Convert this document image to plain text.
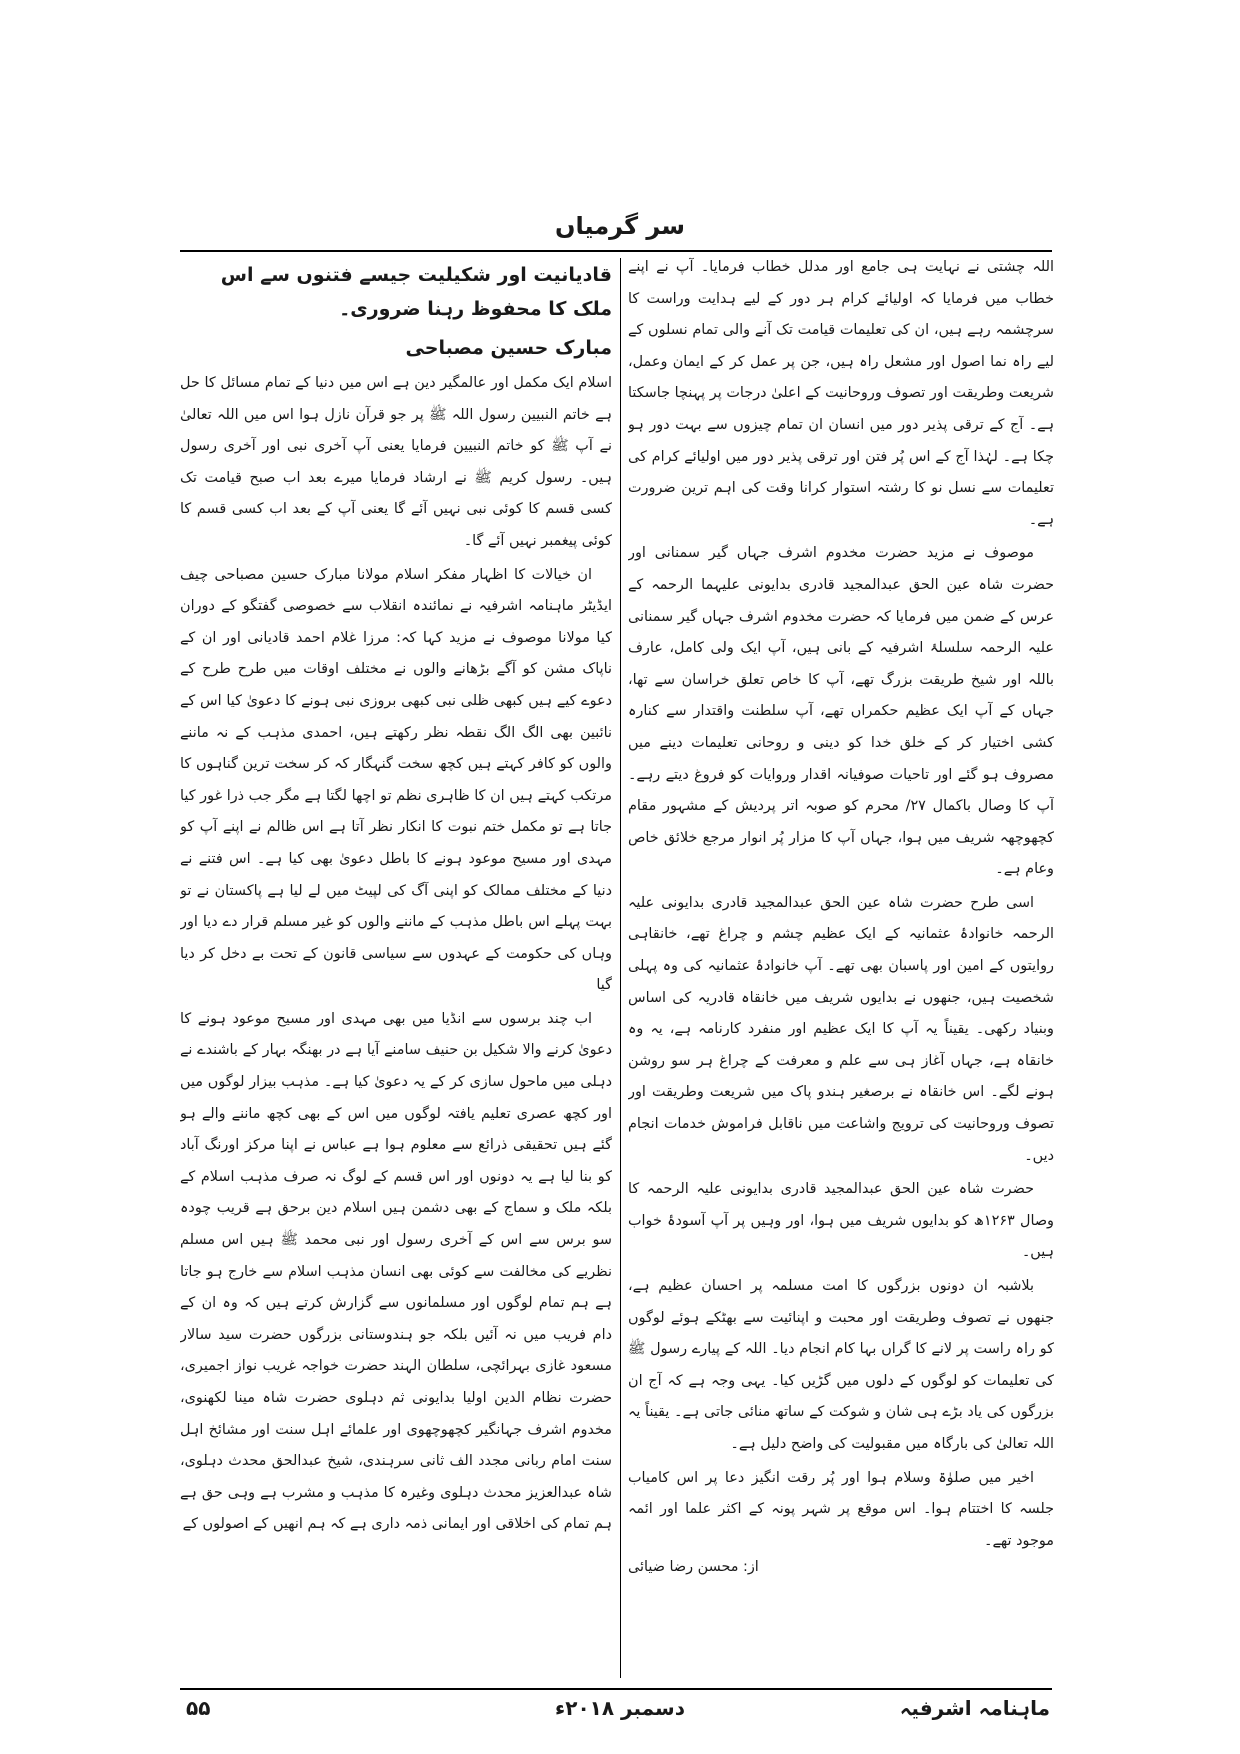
سر گرمیاں

اللہ چشتی نے نہایت ہی جامع اور مدلل خطاب فرمایا۔ آپ نے اپنے خطاب میں فرمایا کہ اولیائے کرام ہر دور کے لیے ہدایت وراست کا سرچشمہ رہے ہیں، ان کی تعلیمات قیامت تک آنے والی تمام نسلوں کے لیے راہ نما اصول اور مشعل راہ ہیں، جن پر عمل کر کے ایمان وعمل، شریعت وطریقت اور تصوف وروحانیت کے اعلیٰ درجات پر پہنچا جاسکتا ہے۔ آج کے ترقی پذیر دور میں انسان ان تمام چیزوں سے بہت دور ہو چکا ہے۔ لہٰذا آج کے اس پُر فتن اور ترقی پذیر دور میں اولیائے کرام کی تعلیمات سے نسل نو کا رشتہ استوار کرانا وقت کی اہم ترین ضرورت ہے۔

موصوف نے مزید حضرت مخدوم اشرف جہاں گیر سمنانی اور حضرت شاہ عین الحق عبدالمجید قادری بدایونی علیہما الرحمہ کے عرس کے ضمن میں فرمایا کہ حضرت مخدوم اشرف جہاں گیر سمنانی علیہ الرحمہ سلسلۂ اشرفیہ کے بانی ہیں، آپ ایک ولی کامل، عارف باللہ اور شیخ طریقت بزرگ تھے، آپ کا خاص تعلق خراسان سے تھا، جہاں کے آپ ایک عظیم حکمراں تھے، آپ سلطنت واقتدار سے کنارہ کشی اختیار کر کے خلق خدا کو دینی و روحانی تعلیمات دینے میں مصروف ہو گئے اور تاحیات صوفیانہ اقدار وروایات کو فروغ دیتے رہے۔ آپ کا وصال باکمال ۲۷/ محرم کو صوبہ اتر پردیش کے مشہور مقام کچھوچھہ شریف میں ہوا، جہاں آپ کا مزار پُر انوار مرجع خلائق خاص وعام ہے۔

اسی طرح حضرت شاہ عین الحق عبدالمجید قادری بدایونی علیہ الرحمہ خانوادۂ عثمانیہ کے ایک عظیم چشم و چراغ تھے، خانقاہی روایتوں کے امین اور پاسبان بھی تھے۔ آپ خانوادۂ عثمانیہ کی وہ پہلی شخصیت ہیں، جنھوں نے بدایوں شریف میں خانقاہ قادریہ کی اساس وبنیاد رکھی۔ یقیناً یہ آپ کا ایک عظیم اور منفرد کارنامہ ہے، یہ وہ خانقاہ ہے، جہاں آغاز ہی سے علم و معرفت کے چراغ ہر سو روشن ہونے لگے۔ اس خانقاہ نے برصغیر ہندو پاک میں شریعت وطریقت اور تصوف وروحانیت کی ترویج واشاعت میں ناقابل فراموش خدمات انجام دیں۔

حضرت شاہ عین الحق عبدالمجید قادری بدایونی علیہ الرحمہ کا وصال ۱۲۶۳ھ کو بدایوں شریف میں ہوا، اور وہیں پر آپ آسودۂ خواب ہیں۔

بلاشبہ ان دونوں بزرگوں کا امت مسلمہ پر احسان عظیم ہے، جنھوں نے تصوف وطریقت اور محبت و اپنائیت سے بھٹکے ہوئے لوگوں کو راہ راست پر لانے کا گراں بہا کام انجام دیا۔ اللہ کے پیارے رسول ﷺ کی تعلیمات کو لوگوں کے دلوں میں گڑیں کیا۔ یہی وجہ ہے کہ آج ان بزرگوں کی یاد بڑے ہی شان و شوکت کے ساتھ منائی جاتی ہے۔ یقیناً یہ اللہ تعالیٰ کی بارگاہ میں مقبولیت کی واضح دلیل ہے۔

اخیر میں صلوٰۃ وسلام ہوا اور پُر رقت انگیز دعا پر اس کامیاب جلسہ کا اختتام ہوا۔ اس موقع پر شہر پونہ کے اکثر علما اور ائمہ موجود تھے۔

از: محسن رضا ضیائی
قادیانیت اور شکیلیت جیسے فتنوں سے اس ملک کا محفوظ رہنا ضروری۔
مبارک حسین مصباحی

اسلام ایک مکمل اور عالمگیر دین ہے اس میں دنیا کے تمام مسائل کا حل ہے خاتم النبیین رسول اللہ ﷺ پر جو قرآن نازل ہوا اس میں اللہ تعالیٰ نے آپ ﷺ کو خاتم النبیین فرمایا یعنی آپ آخری نبی اور آخری رسول ہیں۔ رسول کریم ﷺ نے ارشاد فرمایا میرے بعد اب صبح قیامت تک کسی قسم کا کوئی نبی نہیں آئے گا یعنی آپ کے بعد اب کسی قسم کا کوئی پیغمبر نہیں آئے گا۔

ان خیالات کا اظہار مفکر اسلام مولانا مبارک حسین مصباحی چیف ایڈیٹر ماہنامہ اشرفیہ نے نمائندہ انقلاب سے خصوصی گفتگو کے دوران کیا مولانا موصوف نے مزید کہا کہ: مرزا غلام احمد قادیانی اور ان کے ناپاک مشن کو آگے بڑھانے والوں نے مختلف اوقات میں طرح طرح کے دعوے کیے ہیں کبھی ظلی نبی کبھی بروزی نبی ہونے کا دعویٰ کیا اس کے نائبین بھی الگ الگ نقطہ نظر رکھتے ہیں، احمدی مذہب کے نہ ماننے والوں کو کافر کہتے ہیں کچھ سخت گنہگار کہ کر سخت ترین گناہوں کا مرتکب کہتے ہیں ان کا ظاہری نظم تو اچھا لگتا ہے مگر جب ذرا غور کیا جاتا ہے تو مکمل ختم نبوت کا انکار نظر آتا ہے اس ظالم نے اپنے آپ کو مہدی اور مسیح موعود ہونے کا باطل دعویٰ بھی کیا ہے۔ اس فتنے نے دنیا کے مختلف ممالک کو اپنی آگ کی لپیٹ میں لے لیا ہے پاکستان نے تو بہت پہلے اس باطل مذہب کے ماننے والوں کو غیر مسلم قرار دے دیا اور وہاں کی حکومت کے عہدوں سے سیاسی قانون کے تحت بے دخل کر دیا گیا

اب چند برسوں سے انڈیا میں بھی مہدی اور مسیح موعود ہونے کا دعویٰ کرنے والا شکیل بن حنیف سامنے آیا ہے در بھنگہ بہار کے باشندے نے دہلی میں ماحول سازی کر کے یہ دعویٰ کیا ہے۔ مذہب بیزار لوگوں میں اور کچھ عصری تعلیم یافتہ لوگوں میں اس کے بھی کچھ ماننے والے ہو گئے ہیں تحقیقی ذرائع سے معلوم ہوا ہے عباس نے اپنا مرکز اورنگ آباد کو بنا لیا ہے یہ دونوں اور اس قسم کے لوگ نہ صرف مذہب اسلام کے بلکہ ملک و سماج کے بھی دشمن ہیں اسلام دین برحق ہے قریب چودہ سو برس سے اس کے آخری رسول اور نبی محمد ﷺ ہیں اس مسلم نظریے کی مخالفت سے کوئی بھی انسان مذہب اسلام سے خارج ہو جاتا ہے ہم تمام لوگوں اور مسلمانوں سے گزارش کرتے ہیں کہ وہ ان کے دام فریب میں نہ آئیں بلکہ جو ہندوستانی بزرگوں حضرت سید سالار مسعود غازی بہرائچی، سلطان الہند حضرت خواجہ غریب نواز اجمیری، حضرت نظام الدین اولیا بدایونی ثم دہلوی حضرت شاہ مینا لکھنوی، مخدوم اشرف جہانگیر کچھوچھوی اور علمائے اہل سنت اور مشائخ اہل سنت امام ربانی مجدد الف ثانی سرہندی، شیخ عبدالحق محدث دہلوی، شاہ عبدالعزیز محدث دہلوی وغیرہ کا مذہب و مشرب ہے وہی حق ہے ہم تمام کی اخلاقی اور ایمانی ذمہ داری ہے کہ ہم انھیں کے اصولوں کے

۵۵	دسمبر ۲۰۱۸ء	ماہنامہ اشرفیہ
